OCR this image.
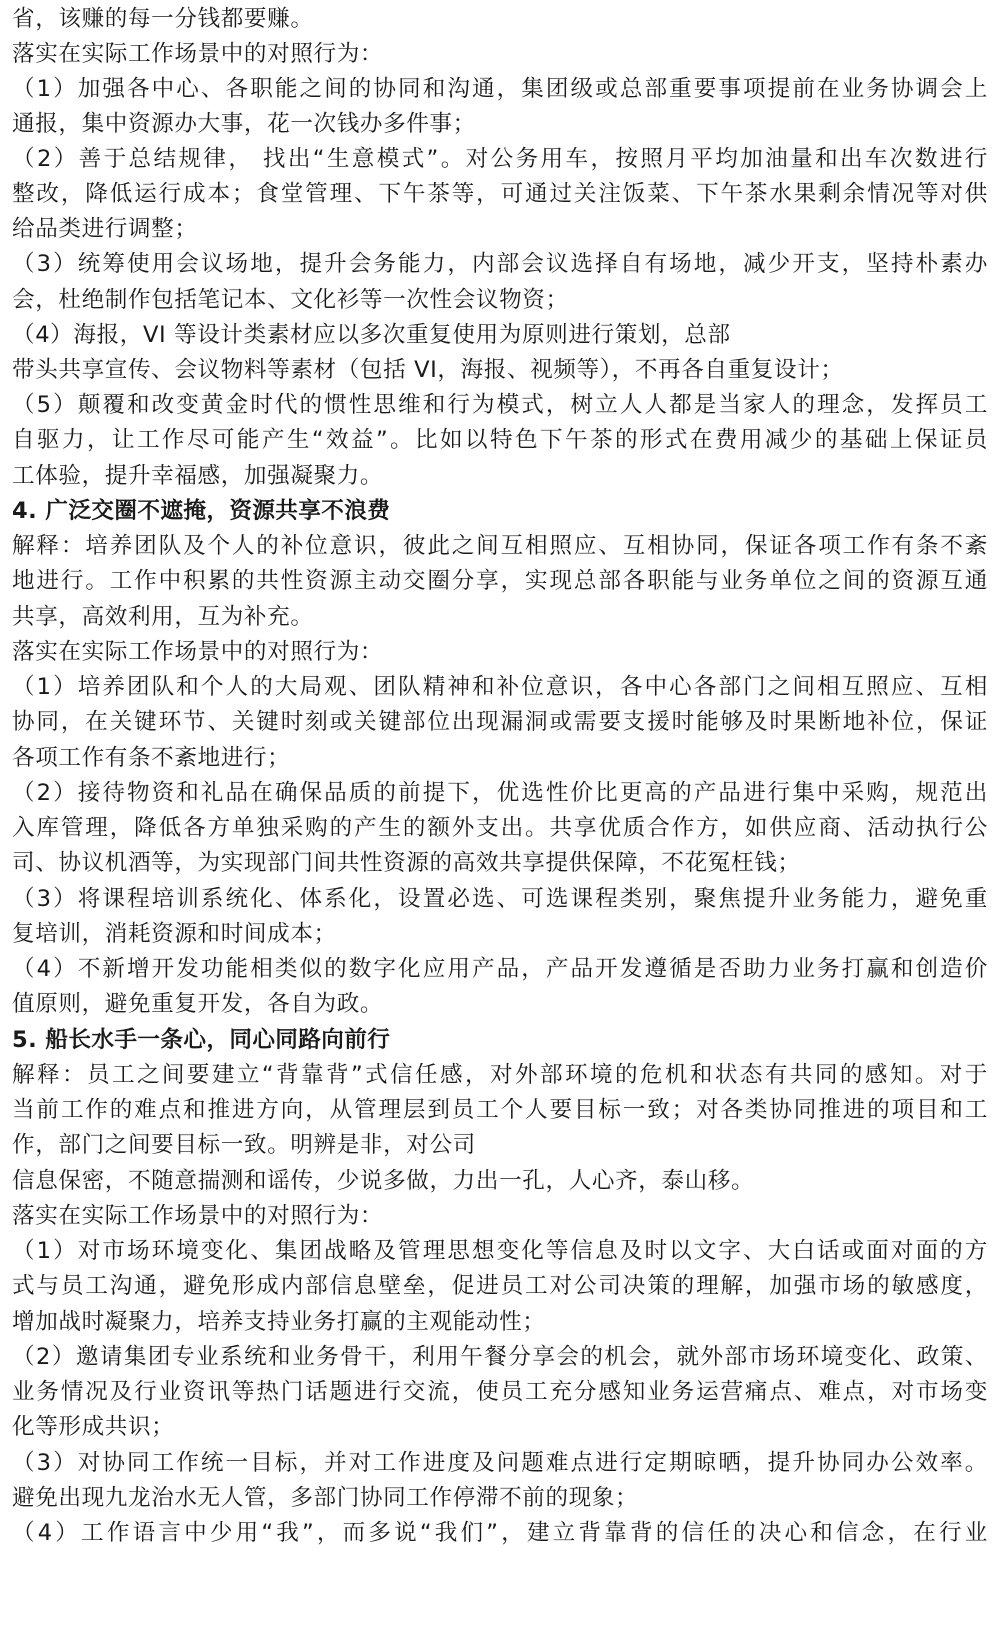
省，该赚的每一分钱都要赚。
落实在实际工作场景中的对照行为：
（1）加强各中心、各职能之间的协同和沟通，集团级或总部重要事项提前在业务协调会上
通报，集中资源办大事，花一次钱办多件事；
（2）善于总结规律， 找出“生意模式”。对公务用车，按照月平均加油量和出车次数进行
整改，降低运行成本；食堂管理、下午茶等，可通过关注饭菜、下午茶水果剩余情况等对供
给品类进行调整；
（3）统筹使用会议场地，提升会务能力，内部会议选择自有场地，减少开支，坚持朴素办
会，杜绝制作包括笔记本、文化衫等一次性会议物资；
（4）海报，VI 等设计类素材应以多次重复使用为原则进行策划，总部
带头共享宣传、会议物料等素材（包括 VI，海报、视频等），不再各自重复设计；
（5）颠覆和改变黄金时代的惯性思维和行为模式，树立人人都是当家人的理念，发挥员工
自驱力，让工作尽可能产生“效益”。比如以特色下午茶的形式在费用减少的基础上保证员
工体验，提升幸福感，加强凝聚力。
4. 广泛交圈不遮掩，资源共享不浪费
解释：培养团队及个人的补位意识，彼此之间互相照应、互相协同，保证各项工作有条不紊
地进行。工作中积累的共性资源主动交圈分享，实现总部各职能与业务单位之间的资源互通
共享，高效利用，互为补充。
落实在实际工作场景中的对照行为：
（1）培养团队和个人的大局观、团队精神和补位意识，各中心各部门之间相互照应、互相
协同，在关键环节、关键时刻或关键部位出现漏洞或需要支援时能够及时果断地补位，保证
各项工作有条不紊地进行；
（2）接待物资和礼品在确保品质的前提下，优选性价比更高的产品进行集中采购，规范出
入库管理，降低各方单独采购的产生的额外支出。共享优质合作方，如供应商、活动执行公
司、协议机酒等，为实现部门间共性资源的高效共享提供保障，不花冤枉钱；
（3）将课程培训系统化、体系化，设置必选、可选课程类别，聚焦提升业务能力，避免重
复培训，消耗资源和时间成本；
（4）不新增开发功能相类似的数字化应用产品，产品开发遵循是否助力业务打赢和创造价
值原则，避免重复开发，各自为政。
5. 船长水手一条心，同心同路向前行
解释：员工之间要建立“背靠背”式信任感，对外部环境的危机和状态有共同的感知。对于
当前工作的难点和推进方向，从管理层到员工个人要目标一致；对各类协同推进的项目和工
作，部门之间要目标一致。明辨是非，对公司
信息保密，不随意揣测和谣传，少说多做，力出一孔，人心齐，泰山移。
落实在实际工作场景中的对照行为：
（1）对市场环境变化、集团战略及管理思想变化等信息及时以文字、大白话或面对面的方
式与员工沟通，避免形成内部信息壁垒，促进员工对公司决策的理解，加强市场的敏感度，
增加战时凝聚力，培养支持业务打赢的主观能动性；
（2）邀请集团专业系统和业务骨干，利用午餐分享会的机会，就外部市场环境变化、政策、
业务情况及行业资讯等热门话题进行交流，使员工充分感知业务运营痛点、难点，对市场变
化等形成共识；
（3）对协同工作统一目标，并对工作进度及问题难点进行定期晾晒，提升协同办公效率。
避免出现九龙治水无人管，多部门协同工作停滞不前的现象；
（4）工作语言中少用“我”，而多说“我们”，建立背靠背的信任的决心和信念，在行业
